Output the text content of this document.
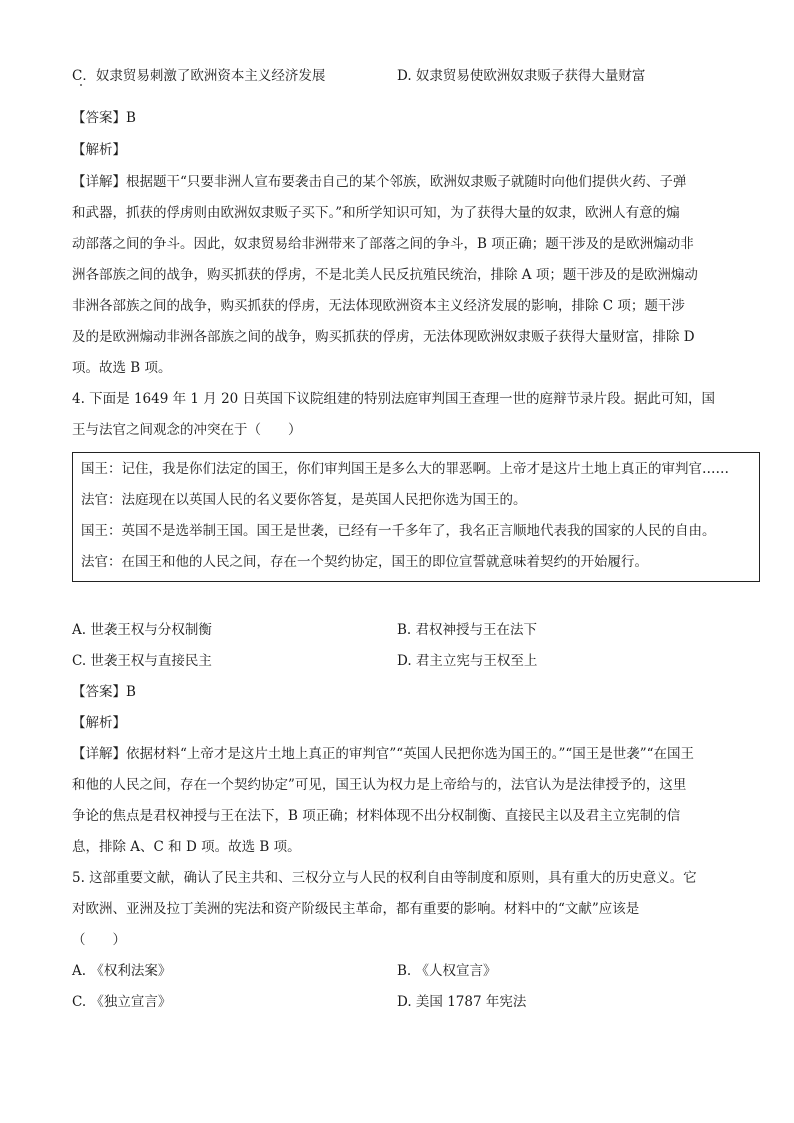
C．奴隶贸易刺激了欧洲资本主义经济发展	D. 奴隶贸易使欧洲奴隶贩子获得大量财富
【答案】B
【解析】
【详解】根据题干“只要非洲人宣布要袭击自己的某个邻族，欧洲奴隶贩子就随时向他们提供火药、子弹
和武器，抓获的俘虏则由欧洲奴隶贩子买下。”和所学知识可知，为了获得大量的奴隶，欧洲人有意的煽
动部落之间的争斗。因此，奴隶贸易给非洲带来了部落之间的争斗，B 项正确；题干涉及的是欧洲煽动非
洲各部族之间的战争，购买抓获的俘虏，不是北美人民反抗殖民统治，排除 A 项；题干涉及的是欧洲煽动
非洲各部族之间的战争，购买抓获的俘虏，无法体现欧洲资本主义经济发展的影响，排除 C 项；题干涉
及的是欧洲煽动非洲各部族之间的战争，购买抓获的俘虏，无法体现欧洲奴隶贩子获得大量财富，排除 D
项。故选 B 项。
4. 下面是 1649 年 1 月 20 日英国下议院组建的特别法庭审判国王查理一世的庭辩节录片段。据此可知，国
王与法官之间观念的冲突在于（　　）
国王：记住，我是你们法定的国王，你们审判国王是多么大的罪恶啊。上帝才是这片土地上真正的审判官……
法官：法庭现在以英国人民的名义要你答复，是英国人民把你选为国王的。
国王：英国不是选举制王国。国王是世袭，已经有一千多年了，我名正言顺地代表我的国家的人民的自由。
法官：在国王和他的人民之间，存在一个契约协定，国王的即位宣誓就意味着契约的开始履行。
A. 世袭王权与分权制衡	B. 君权神授与王在法下
C. 世袭王权与直接民主	D. 君主立宪与王权至上
【答案】B
【解析】
【详解】依据材料“上帝才是这片土地上真正的审判官”“英国人民把你选为国王的。”“国王是世袭”“在国王
和他的人民之间，存在一个契约协定”可见，国王认为权力是上帝给与的，法官认为是法律授予的，这里
争论的焦点是君权神授与王在法下，B 项正确；材料体现不出分权制衡、直接民主以及君主立宪制的信
息，排除 A、C 和 D 项。故选 B 项。
5. 这部重要文献，确认了民主共和、三权分立与人民的权利自由等制度和原则，具有重大的历史意义。它
对欧洲、亚洲及拉丁美洲的宪法和资产阶级民主革命，都有重要的影响。材料中的“文献”应该是
（　　）
A. 《权利法案》	B. 《人权宣言》
C. 《独立宣言》	D. 美国 1787 年宪法
